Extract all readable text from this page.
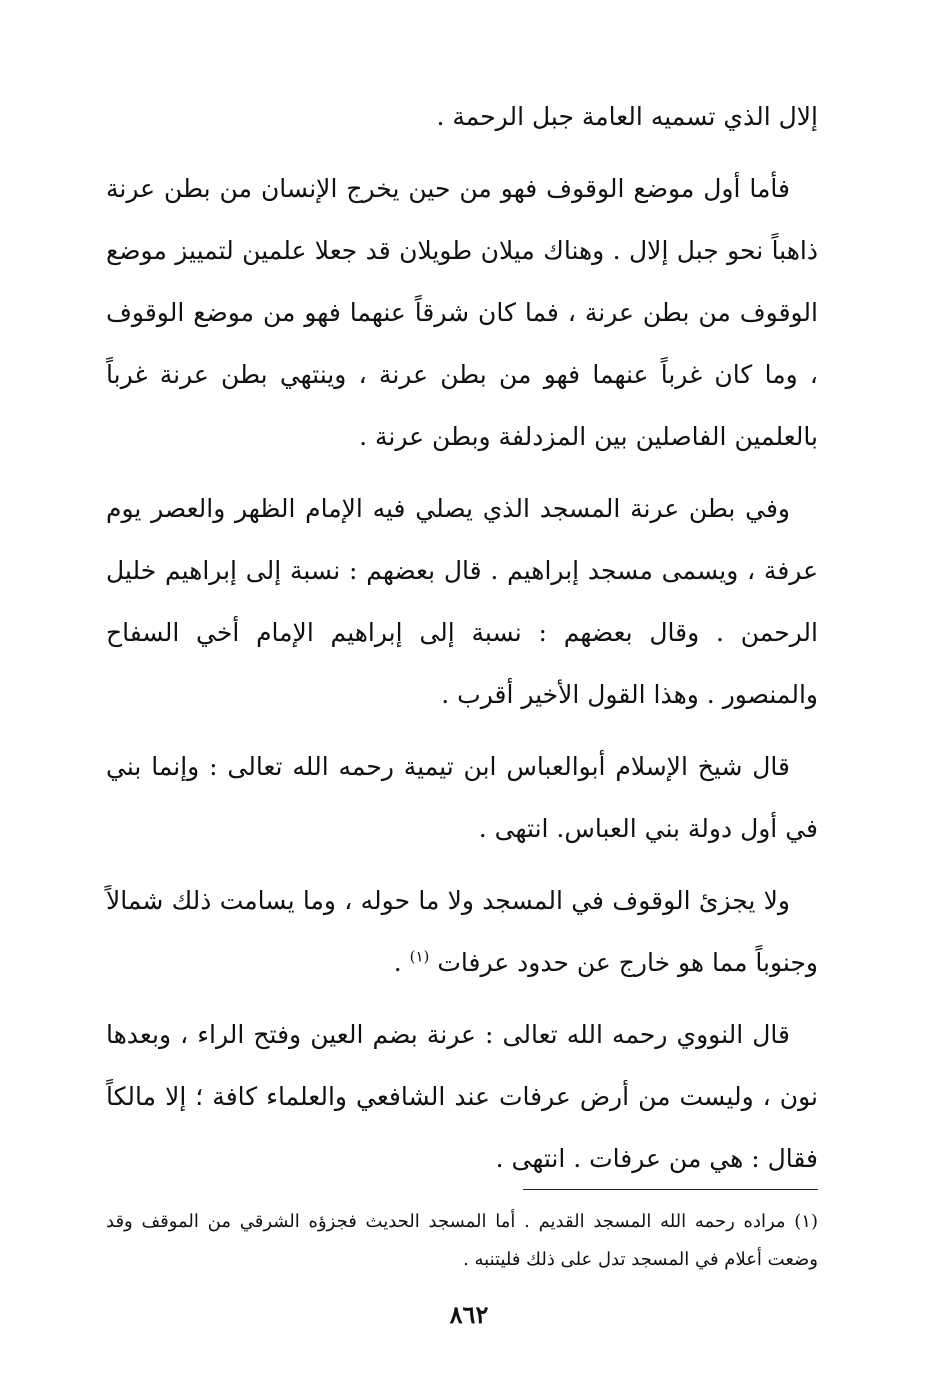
إلال الذي تسميه العامة جبل الرحمة .

فأما أول موضع الوقوف فهو من حين يخرج الإنسان من بطن عرنة ذاهباً نحو جبل إلال . وهناك ميلان طويلان قد جعلا علمين لتمييز موضع الوقوف من بطن عرنة ، فما كان شرقاً عنهما فهو من موضع الوقوف ، وما كان غرباً عنهما فهو من بطن عرنة ، وينتهي بطن عرنة غرباً بالعلمين الفاصلين بين المزدلفة وبطن عرنة .

وفي بطن عرنة المسجد الذي يصلي فيه الإمام الظهر والعصر يوم عرفة ، ويسمى مسجد إبراهيم . قال بعضهم : نسبة إلى إبراهيم خليل الرحمن . وقال بعضهم : نسبة إلى إبراهيم الإمام أخي السفاح والمنصور . وهذا القول الأخير أقرب .

قال شيخ الإسلام أبوالعباس ابن تيمية رحمه الله تعالى : وإنما بني في أول دولة بني العباس. انتهى .

ولا يجزئ الوقوف في المسجد ولا ما حوله ، وما يسامت ذلك شمالاً وجنوباً مما هو خارج عن حدود عرفات $^{(١)}$ .

قال النووي رحمه الله تعالى : عرنة بضم العين وفتح الراء ، وبعدها نون ، وليست من أرض عرفات عند الشافعي والعلماء كافة ؛ إلا مالكاً فقال : هي من عرفات . انتهى .

(١) مراده رحمه الله المسجد القديم . أما المسجد الحديث فجزؤه الشرقي من الموقف وقد وضعت أعلام في المسجد تدل على ذلك فليتنبه .

٨٦٢
